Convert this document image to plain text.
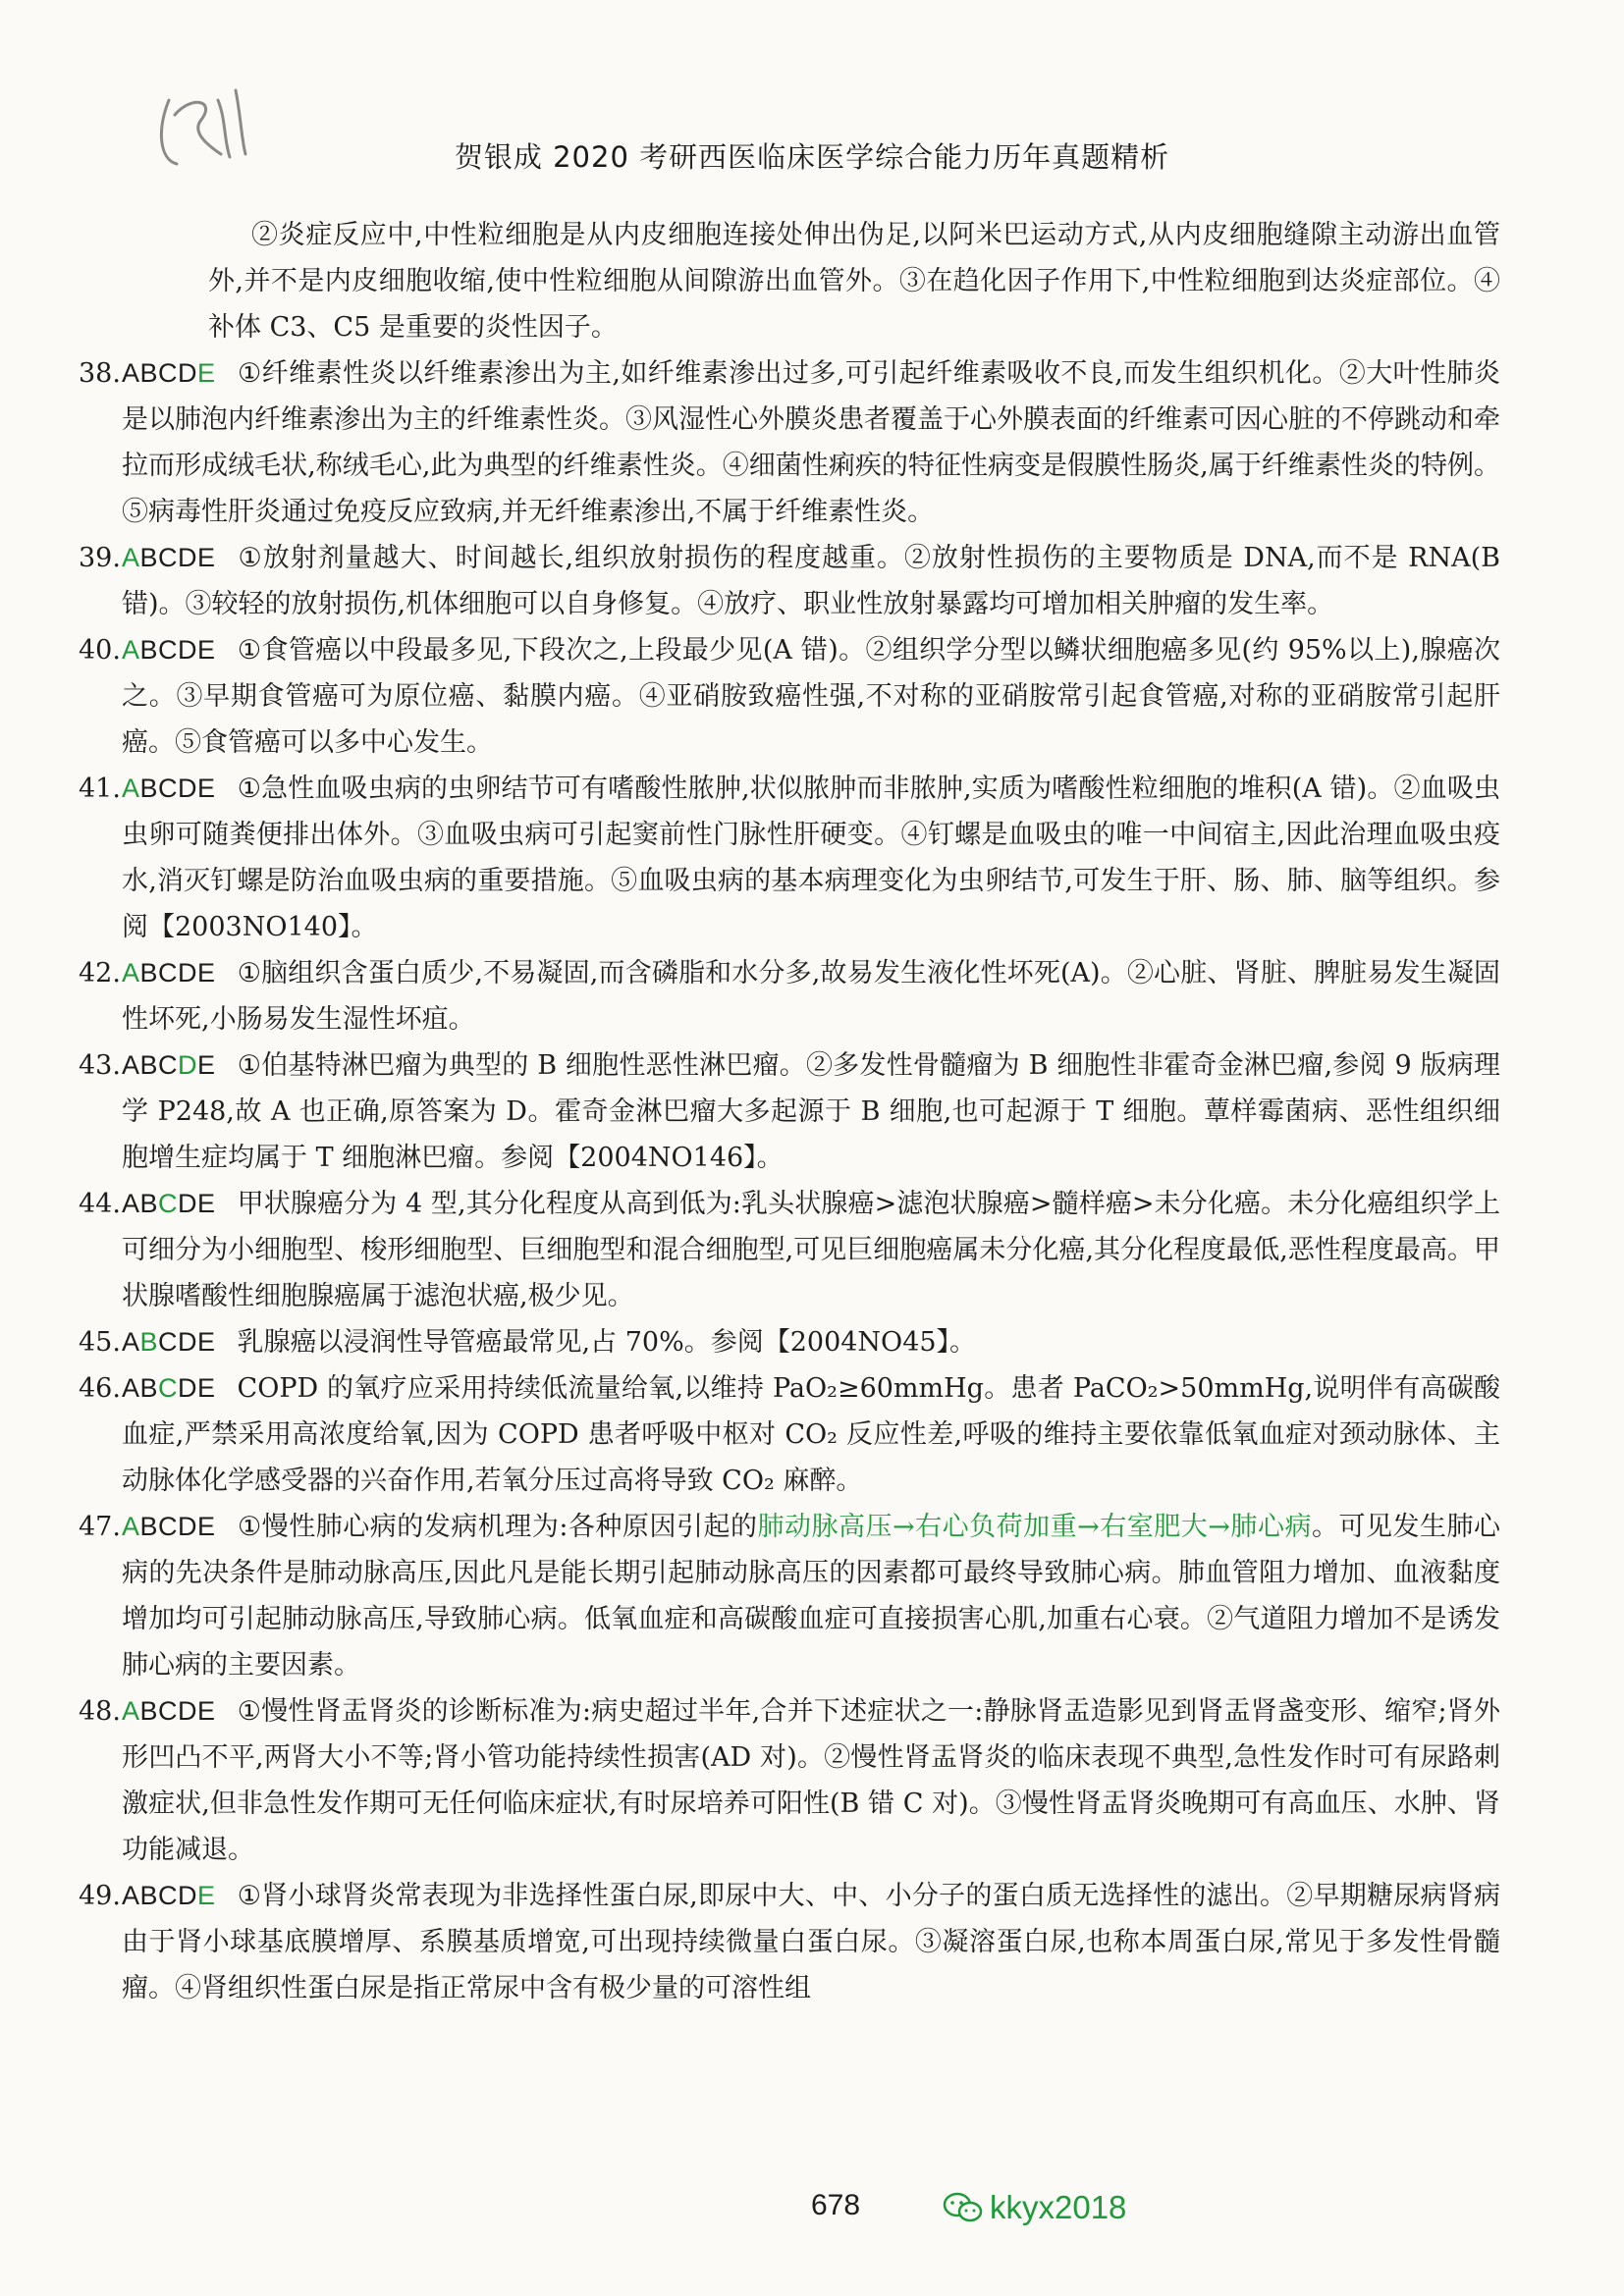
贺银成 2020 考研西医临床医学综合能力历年真题精析

②炎症反应中,中性粒细胞是从内皮细胞连接处伸出伪足,以阿米巴运动方式,从内皮细胞缝隙主动游出血管外,并不是内皮细胞收缩,使中性粒细胞从间隙游出血管外。③在趋化因子作用下,中性粒细胞到达炎症部位。④补体 C3、C5 是重要的炎性因子。

38. ABCDE ①纤维素性炎以纤维素渗出为主,如纤维素渗出过多,可引起纤维素吸收不良,而发生组织机化。②大叶性肺炎是以肺泡内纤维素渗出为主的纤维素性炎。③风湿性心外膜炎患者覆盖于心外膜表面的纤维素可因心脏的不停跳动和牵拉而形成绒毛状,称绒毛心,此为典型的纤维素性炎。④细菌性痢疾的特征性病变是假膜性肠炎,属于纤维素性炎的特例。⑤病毒性肝炎通过免疫反应致病,并无纤维素渗出,不属于纤维素性炎。
39. ABCDE ①放射剂量越大、时间越长,组织放射损伤的程度越重。②放射性损伤的主要物质是 DNA,而不是 RNA(B 错)。③较轻的放射损伤,机体细胞可以自身修复。④放疗、职业性放射暴露均可增加相关肿瘤的发生率。
40. ABCDE ①食管癌以中段最多见,下段次之,上段最少见(A 错)。②组织学分型以鳞状细胞癌多见(约 95%以上),腺癌次之。③早期食管癌可为原位癌、黏膜内癌。④亚硝胺致癌性强,不对称的亚硝胺常引起食管癌,对称的亚硝胺常引起肝癌。⑤食管癌可以多中心发生。
41. ABCDE ①急性血吸虫病的虫卵结节可有嗜酸性脓肿,状似脓肿而非脓肿,实质为嗜酸性粒细胞的堆积(A 错)。②血吸虫虫卵可随粪便排出体外。③血吸虫病可引起窦前性门脉性肝硬变。④钉螺是血吸虫的唯一中间宿主,因此治理血吸虫疫水,消灭钉螺是防治血吸虫病的重要措施。⑤血吸虫病的基本病理变化为虫卵结节,可发生于肝、肠、肺、脑等组织。参阅【2003NO140】。
42. ABCDE ①脑组织含蛋白质少,不易凝固,而含磷脂和水分多,故易发生液化性坏死(A)。②心脏、肾脏、脾脏易发生凝固性坏死,小肠易发生湿性坏疽。
43. ABCDE ①伯基特淋巴瘤为典型的 B 细胞性恶性淋巴瘤。②多发性骨髓瘤为 B 细胞性非霍奇金淋巴瘤,参阅 9 版病理学 P248,故 A 也正确,原答案为 D。霍奇金淋巴瘤大多起源于 B 细胞,也可起源于 T 细胞。蕈样霉菌病、恶性组织细胞增生症均属于 T 细胞淋巴瘤。参阅【2004NO146】。
44. ABCDE 甲状腺癌分为 4 型,其分化程度从高到低为:乳头状腺癌>滤泡状腺癌>髓样癌>未分化癌。未分化癌组织学上可细分为小细胞型、梭形细胞型、巨细胞型和混合细胞型,可见巨细胞癌属未分化癌,其分化程度最低,恶性程度最高。甲状腺嗜酸性细胞腺癌属于滤泡状癌,极少见。
45. ABCDE 乳腺癌以浸润性导管癌最常见,占 70%。参阅【2004NO45】。
46. ABCDE COPD 的氧疗应采用持续低流量给氧,以维持 PaO₂≥60mmHg。患者 PaCO₂>50mmHg,说明伴有高碳酸血症,严禁采用高浓度给氧,因为 COPD 患者呼吸中枢对 CO₂ 反应性差,呼吸的维持主要依靠低氧血症对颈动脉体、主动脉体化学感受器的兴奋作用,若氧分压过高将导致 CO₂ 麻醉。
47. ABCDE ①慢性肺心病的发病机理为:各种原因引起的肺动脉高压→右心负荷加重→右室肥大→肺心病。可见发生肺心病的先决条件是肺动脉高压,因此凡是能长期引起肺动脉高压的因素都可最终导致肺心病。肺血管阻力增加、血液黏度增加均可引起肺动脉高压,导致肺心病。低氧血症和高碳酸血症可直接损害心肌,加重右心衰。②气道阻力增加不是诱发肺心病的主要因素。
48. ABCDE ①慢性肾盂肾炎的诊断标准为:病史超过半年,合并下述症状之一:静脉肾盂造影见到肾盂肾盏变形、缩窄;肾外形凹凸不平,两肾大小不等;肾小管功能持续性损害(AD 对)。②慢性肾盂肾炎的临床表现不典型,急性发作时可有尿路刺激症状,但非急性发作期可无任何临床症状,有时尿培养可阳性(B 错 C 对)。③慢性肾盂肾炎晚期可有高血压、水肿、肾功能减退。
49. ABCDE ①肾小球肾炎常表现为非选择性蛋白尿,即尿中大、中、小分子的蛋白质无选择性的滤出。②早期糖尿病肾病由于肾小球基底膜增厚、系膜基质增宽,可出现持续微量白蛋白尿。③凝溶蛋白尿,也称本周蛋白尿,常见于多发性骨髓瘤。④肾组织性蛋白尿是指正常尿中含有极少量的可溶性组
678	kkyx2018
